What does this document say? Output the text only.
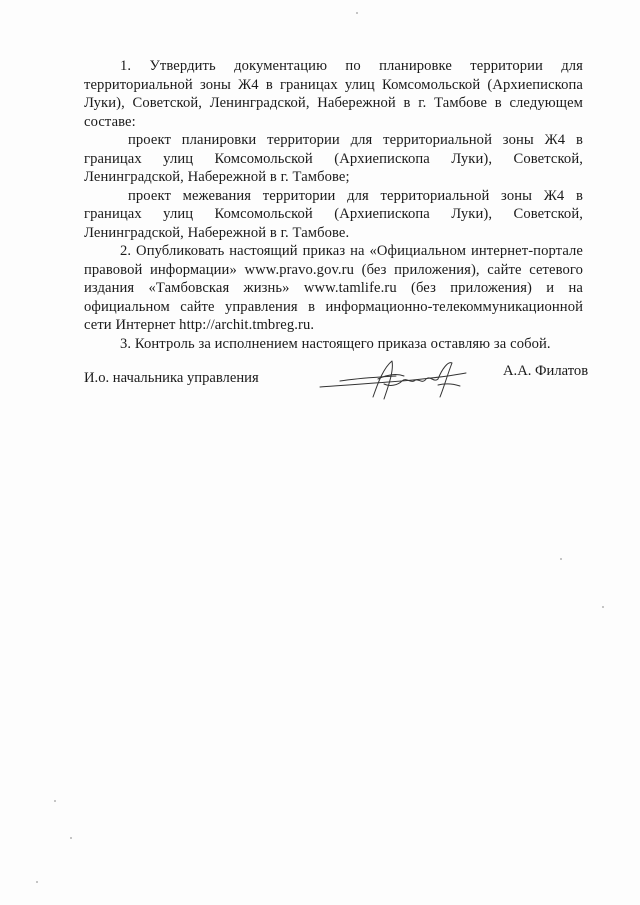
1. Утвердить документацию по планировке территории для территориальной зоны Ж4 в границах улиц Комсомольской (Архиепископа Луки), Советской, Ленинградской, Набережной в г. Тамбове в следующем составе:

проект планировки территории для территориальной зоны Ж4 в границах улиц Комсомольской (Архиепископа Луки), Советской, Ленинградской, Набережной в г. Тамбове;

проект межевания территории для территориальной зоны Ж4 в границах улиц Комсомольской (Архиепископа Луки), Советской, Ленинградской, Набережной в г. Тамбове.

2. Опубликовать настоящий приказ на «Официальном интернет-портале правовой информации» www.pravo.gov.ru (без приложения), сайте сетевого издания «Тамбовская жизнь» www.tamlife.ru (без приложения) и на официальном сайте управления в информационно-телекоммуникационной сети Интернет http://archit.tmbreg.ru.

3. Контроль за исполнением настоящего приказа оставляю за собой.

И.о. начальника управления	А.А. Филатов
